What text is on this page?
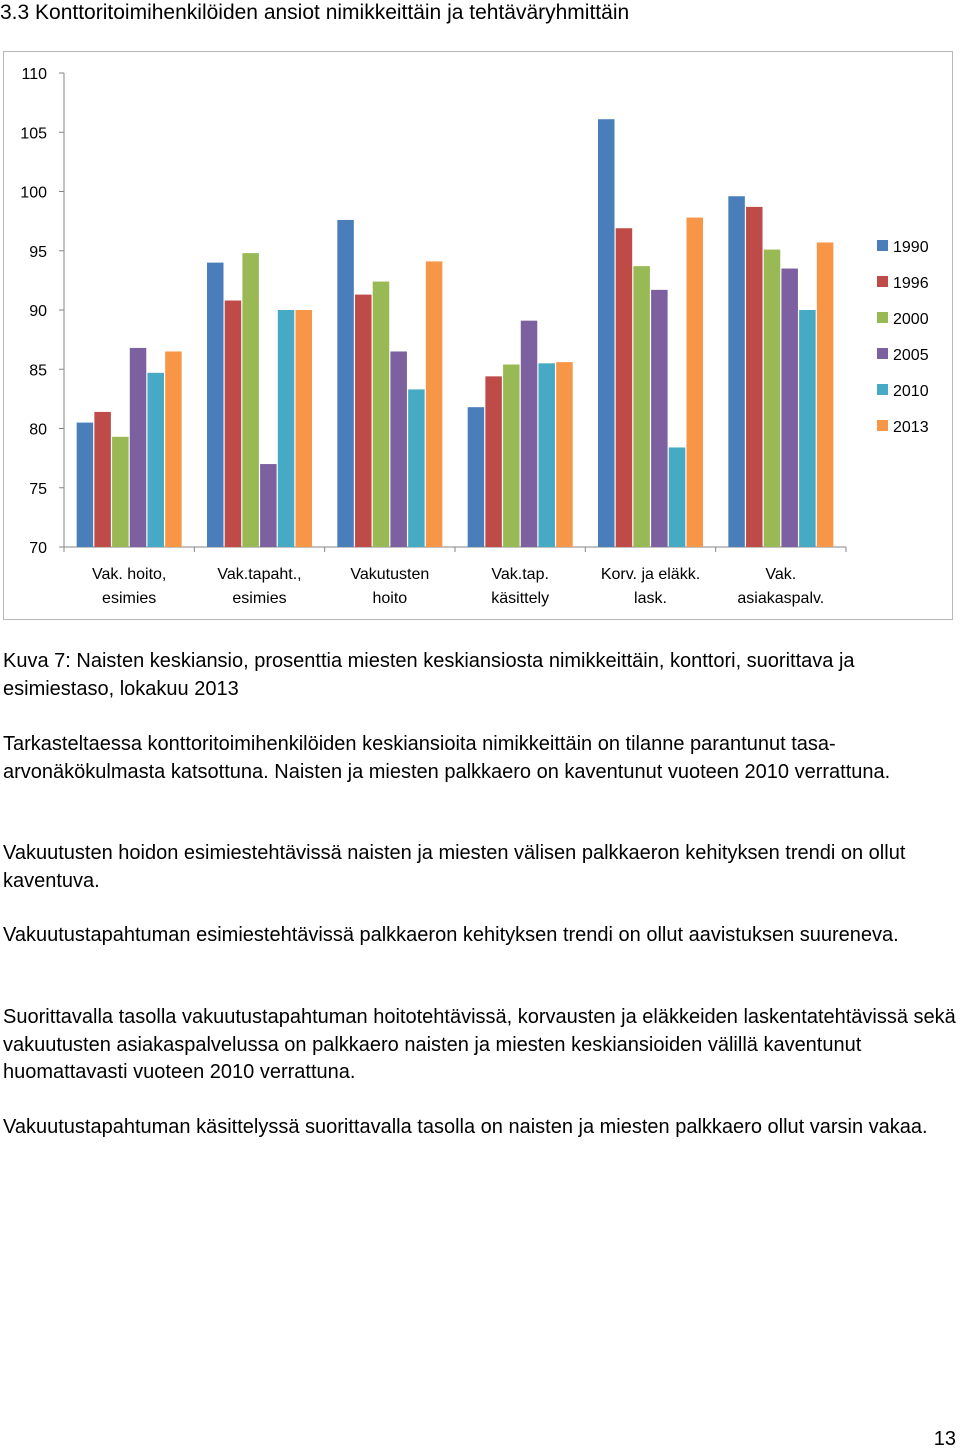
3.3 Konttoritoimihenkilöiden ansiot nimikkeittäin ja tehtäväryhmittäin
110
105
100
95
90
85
80
75
70
Vak. hoito,
esimies
Vak.tapaht.,
esimies
Vakutusten
hoito
Vak.tap.
käsittely
Korv. ja eläkk.
lask.
Vak.
asiakaspalv.
1990
1996
2000
2005
2010
2013
Kuva 7: Naisten keskiansio, prosenttia miesten keskiansiosta nimikkeittäin, konttori, suorittava ja esimiestaso, lokakuu 2013
Tarkasteltaessa konttoritoimihenkilöiden keskiansioita nimikkeittäin on tilanne parantunut tasa-arvonäkökulmasta katsottuna. Naisten ja miesten palkkaero on kaventunut vuoteen 2010 verrattuna.
Vakuutusten hoidon esimiestehtävissä naisten ja miesten välisen palkkaeron kehityksen trendi on ollut kaventuva.
Vakuutustapahtuman esimiestehtävissä palkkaeron kehityksen trendi on ollut aavistuksen suureneva.
Suorittavalla tasolla vakuutustapahtuman hoitotehtävissä, korvausten ja eläkkeiden laskentatehtävissä sekä vakuutusten asiakaspalvelussa on palkkaero naisten ja miesten keskiansioiden välillä kaventunut huomattavasti vuoteen 2010 verrattuna.
Vakuutustapahtuman käsittelyssä suorittavalla tasolla on naisten ja miesten palkkaero ollut varsin vakaa.
13
